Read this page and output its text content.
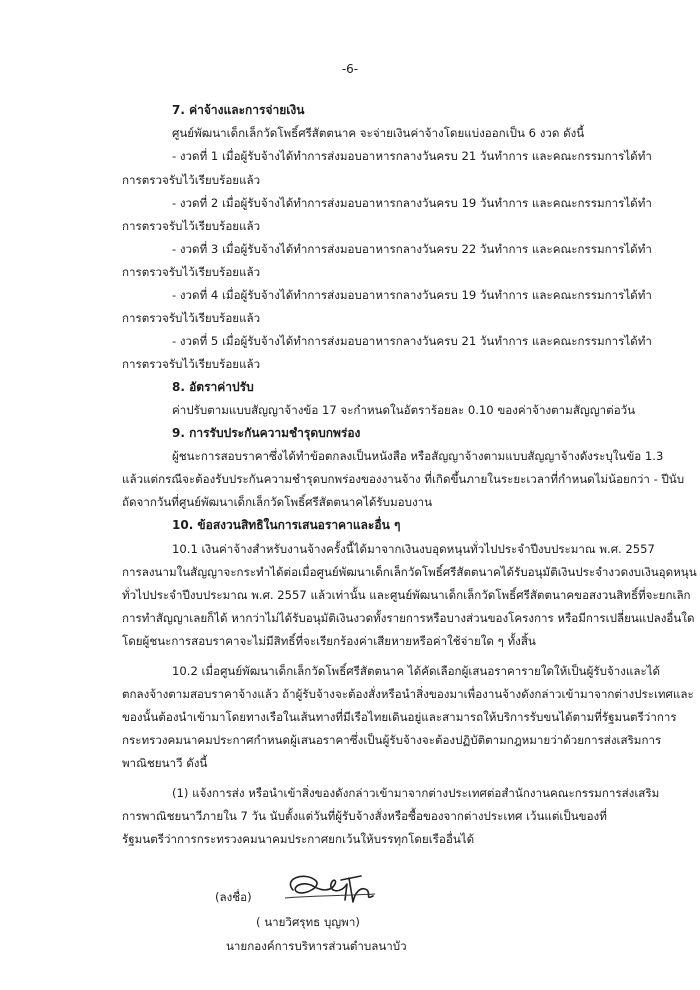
-6-
7. ค่าจ้างและการจ่ายเงิน
ศูนย์พัฒนาเด็กเล็กวัดโพธิ์ศรีสัตตนาค จะจ่ายเงินค่าจ้างโดยแบ่งออกเป็น 6 งวด ดังนี้
- งวดที่ 1 เมื่อผู้รับจ้างได้ทำการส่งมอบอาหารกลางวันครบ 21 วันทำการ และคณะกรรมการได้ทำ
การตรวจรับไว้เรียบร้อยแล้ว
- งวดที่ 2 เมื่อผู้รับจ้างได้ทำการส่งมอบอาหารกลางวันครบ 19 วันทำการ และคณะกรรมการได้ทำ
การตรวจรับไว้เรียบร้อยแล้ว
- งวดที่ 3 เมื่อผู้รับจ้างได้ทำการส่งมอบอาหารกลางวันครบ 22 วันทำการ และคณะกรรมการได้ทำ
การตรวจรับไว้เรียบร้อยแล้ว
- งวดที่ 4 เมื่อผู้รับจ้างได้ทำการส่งมอบอาหารกลางวันครบ 19 วันทำการ และคณะกรรมการได้ทำ
การตรวจรับไว้เรียบร้อยแล้ว
- งวดที่ 5 เมื่อผู้รับจ้างได้ทำการส่งมอบอาหารกลางวันครบ 21 วันทำการ และคณะกรรมการได้ทำ
การตรวจรับไว้เรียบร้อยแล้ว
8. อัตราค่าปรับ
ค่าปรับตามแบบสัญญาจ้างข้อ 17 จะกำหนดในอัตราร้อยละ 0.10 ของค่าจ้างตามสัญญาต่อวัน
9. การรับประกันความชำรุดบกพร่อง
ผู้ชนะการสอบราคาซึ่งได้ทำข้อตกลงเป็นหนังสือ หรือสัญญาจ้างตามแบบสัญญาจ้างดังระบุในข้อ 1.3
แล้วแต่กรณีจะต้องรับประกันความชำรุดบกพร่องของงานจ้าง ที่เกิดขึ้นภายในระยะเวลาที่กำหนดไม่น้อยกว่า - ปีนับ
ถัดจากวันที่ศูนย์พัฒนาเด็กเล็กวัดโพธิ์ศรีสัตตนาคได้รับมอบงาน
10. ข้อสงวนสิทธิในการเสนอราคาและอื่น ๆ
10.1 เงินค่าจ้างสำหรับงานจ้างครั้งนี้ได้มาจากเงินงบอุดหนุนทั่วไปประจำปีงบประมาณ พ.ศ. 2557
การลงนามในสัญญาจะกระทำได้ต่อเมื่อศูนย์พัฒนาเด็กเล็กวัดโพธิ์ศรีสัตตนาคได้รับอนุมัติเงินประจำงวดงบเงินอุดหนุน
ทั่วไปประจำปีงบประมาณ พ.ศ. 2557 แล้วเท่านั้น และศูนย์พัฒนาเด็กเล็กวัดโพธิ์ศรีสัตตนาคขอสงวนสิทธิ์ที่จะยกเลิก
การทำสัญญาเลยก็ได้ หากว่าไม่ได้รับอนุมัติเงินงวดทั้งรายการหรือบางส่วนของโครงการ หรือมีการเปลี่ยนแปลงอื่นใด
โดยผู้ชนะการสอบราคาจะไม่มีสิทธิ์ที่จะเรียกร้องค่าเสียหายหรือค่าใช้จ่ายใด ๆ ทั้งสิ้น
10.2 เมื่อศูนย์พัฒนาเด็กเล็กวัดโพธิ์ศรีสัตตนาค ได้คัดเลือกผู้เสนอราคารายใดให้เป็นผู้รับจ้างและได้
ตกลงจ้างตามสอบราคาจ้างแล้ว ถ้าผู้รับจ้างจะต้องสั่งหรือนำสิ่งของมาเพื่องานจ้างดังกล่าวเข้ามาจากต่างประเทศและ
ของนั้นต้องนำเข้ามาโดยทางเรือในเส้นทางที่มีเรือไทยเดินอยู่และสามารถให้บริการรับขนได้ตามที่รัฐมนตรีว่าการ
กระทรวงคมนาคมประกาศกำหนดผู้เสนอราคาซึ่งเป็นผู้รับจ้างจะต้องปฏิบัติตามกฎหมายว่าด้วยการส่งเสริมการ
พาณิชยนาวี ดังนี้
(1) แจ้งการส่ง หรือนำเข้าสิ่งของดังกล่าวเข้ามาจากต่างประเทศต่อสำนักงานคณะกรรมการส่งเสริม
การพาณิชยนาวีภายใน 7 วัน นับตั้งแต่วันที่ผู้รับจ้างสั่งหรือซื้อของจากต่างประเทศ เว้นแต่เป็นของที่
รัฐมนตรีว่าการกระทรวงคมนาคมประกาศยกเว้นให้บรรทุกโดยเรืออื่นได้
(ลงชื่อ)
( นายวิศรุทธ บุญพา)
นายกองค์การบริหารส่วนตำบลนาบัว
